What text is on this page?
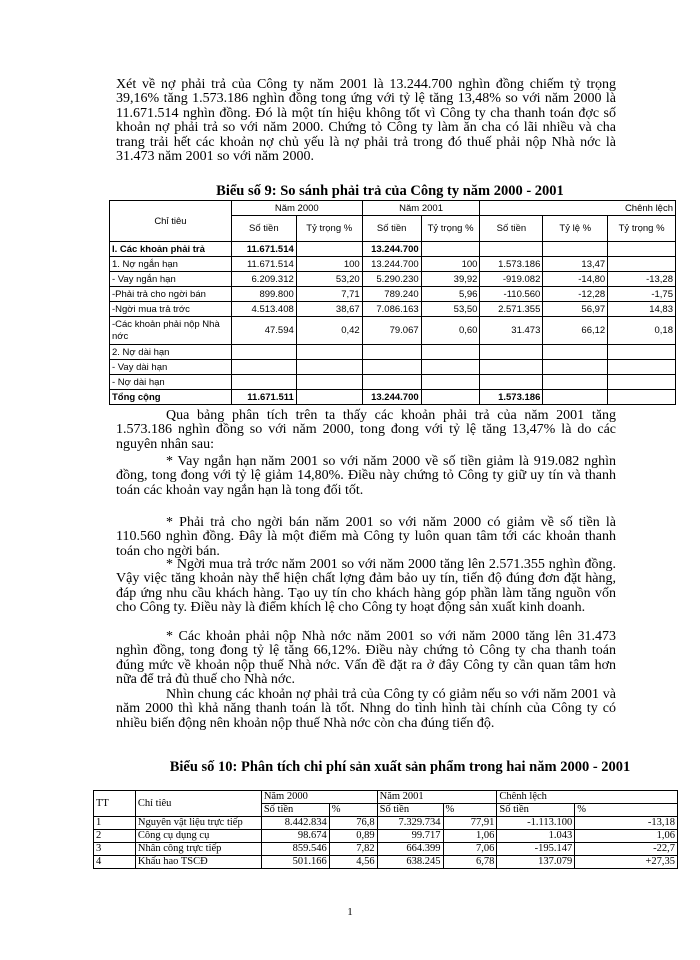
Xét về nợ phải trả của Công ty năm 2001 là 13.244.700 nghìn đồng chiếm tỷ trọng 39,16% tăng 1.573.186 nghìn đồng tong ứng với tỷ lệ tăng 13,48% so với năm 2000 là 11.671.514 nghìn đồng. Đó là một tín hiệu không tốt vì Công ty cha thanh toán đợc số khoản nợ phải trả so với năm 2000. Chứng tỏ Công ty làm ăn cha có lãi nhiều và cha trang trải hết các khoản nợ chủ yếu là nợ phải trả trong đó thuế phải nộp Nhà nớc là 31.473 năm 2001 so với năm 2000.

Biểu số 9: So sánh phải trả của Công ty năm 2000 - 2001

Chỉ tiêu	Năm 2000		Năm 2001		Chênh lệch		
	Số tiền	Tỷ trọng %	Số tiền	Tỷ trọng %	Số tiền	Tỷ lệ %	Tỷ trọng %
I. Các khoản phải trả	11.671.514		13.244.700				
1. Nợ ngắn hạn	11.671.514	100	13.244.700	100	1.573.186	13,47	
- Vay ngắn hạn	6.209.312	53,20	5.290.230	39,92	-919.082	-14,80	-13,28
-Phải trả cho ngời bán	899.800	7,71	789.240	5,96	-110.560	-12,28	-1,75
-Ngời mua trả trớc	4.513.408	38,67	7.086.163	53,50	2.571.355	56,97	14,83
-Các khoản phải nộp Nhà nớc	47.594	0,42	79.067	0,60	31.473	66,12	0,18
2. Nợ dài hạn							
- Vay dài hạn							
- Nợ dài hạn							
Tổng cộng	11.671.511		13.244.700		1.573.186		

Qua bảng phân tích trên ta thấy các khoản phải trả của năm 2001 tăng 1.573.186 nghìn đồng so với năm 2000, tong đong với tỷ lệ tăng 13,47% là do các nguyên nhân sau:

* Vay ngắn hạn năm 2001 so với năm 2000 về số tiền giảm là 919.082 nghìn đồng, tong đong với tỷ lệ giảm 14,80%. Điều này chứng tỏ Công ty giữ uy tín và thanh toán các khoản vay ngắn hạn là tong đối tốt.

* Phải trả cho ngời bán năm 2001 so với năm 2000 có giảm về số tiền là 110.560 nghìn đồng. Đây là một điểm mà Công ty luôn quan tâm tới các khoản thanh toán cho ngời bán.

* Ngời mua trả trớc năm 2001 so với năm 2000 tăng lên 2.571.355 nghìn đồng. Vậy việc tăng khoản này thể hiện chất lợng đảm bảo uy tín, tiến độ đúng đơn đặt hàng, đáp ứng nhu cầu khách hàng. Tạo uy tín cho khách hàng góp phần làm tăng nguồn vốn cho Công ty. Điều này là điểm khích lệ cho Công ty hoạt động sản xuất kinh doanh.

* Các khoản phải nộp Nhà nớc năm 2001 so với năm 2000 tăng lên 31.473 nghìn đồng, tong đong tỷ lệ tăng 66,12%. Điều này chứng tỏ Công ty cha thanh toán đúng mức về khoản nộp thuế Nhà nớc. Vấn đề đặt ra ở đây Công ty cần quan tâm hơn nữa để trả đủ thuế cho Nhà nớc.

Nhìn chung các khoản nợ phải trả của Công ty có giảm nếu so với năm 2001 và năm 2000 thì khả năng thanh toán là tốt. Nhng do tình hình tài chính của Công ty có nhiều biến động nên khoản nộp thuế Nhà nớc còn cha đúng tiến độ.

Biểu số 10: Phân tích chi phí sản xuất sản phẩm trong hai năm 2000 - 2001

TT	Chỉ tiêu	Năm 2000		Năm 2001		Chênh lệch	
		Số tiền	%	Số tiền	%	Số tiền	%
1	Nguyên vật liệu trực tiếp	8.442.834	76,8	7.329.734	77,91	-1.113.100	-13,18
2	Công cụ dụng cụ	98.674	0,89	99.717	1,06	1.043	1,06
3	Nhân công trực tiếp	859.546	7,82	664.399	7,06	-195.147	-22,7
4	Khấu hao TSCĐ	501.166	4,56	638.245	6,78	137.079	+27,35
1
